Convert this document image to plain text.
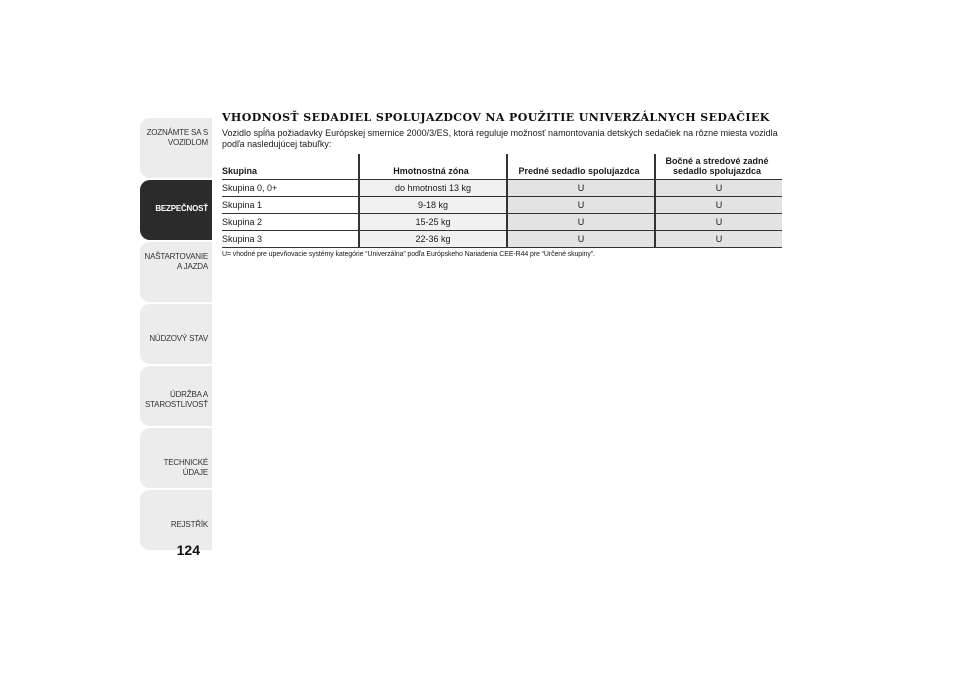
ZOZNÁMTE SA S VOZIDLOM
BEZPEČNOSŤ
NAŠTARTOVANIE A JAZDA
NÚDZOVÝ STAV
ÚDRŽBA A STAROSTLIVOSŤ
TECHNICKÉ ÚDAJE
REJSTŘÍK
124
VHODNOSŤ SEDADIEL SPOLUJAZDCOV NA POUŽITIE UNIVERZÁLNYCH SEDAČIEK

Vozidlo spĺňa požiadavky Európskej smernice 2000/3/ES, ktorá reguluje možnosť namontovania detských sedačiek na rôzne miesta vozidla podľa nasledujúcej tabuľky:

Skupina	Hmotnostná zóna	Predné sedadlo spolujazdca	Bočné a stredové zadné sedadlo spolujazdca
Skupina 0, 0+	do hmotnosti 13 kg	U	U
Skupina 1	9-18 kg	U	U
Skupina 2	15-25 kg	U	U
Skupina 3	22-36 kg	U	U
U= vhodné pre upevňovacie systémy kategórie “Univerzálna” podľa Európskeho Nariadenia CEE-R44 pre “Určené skupiny”.
